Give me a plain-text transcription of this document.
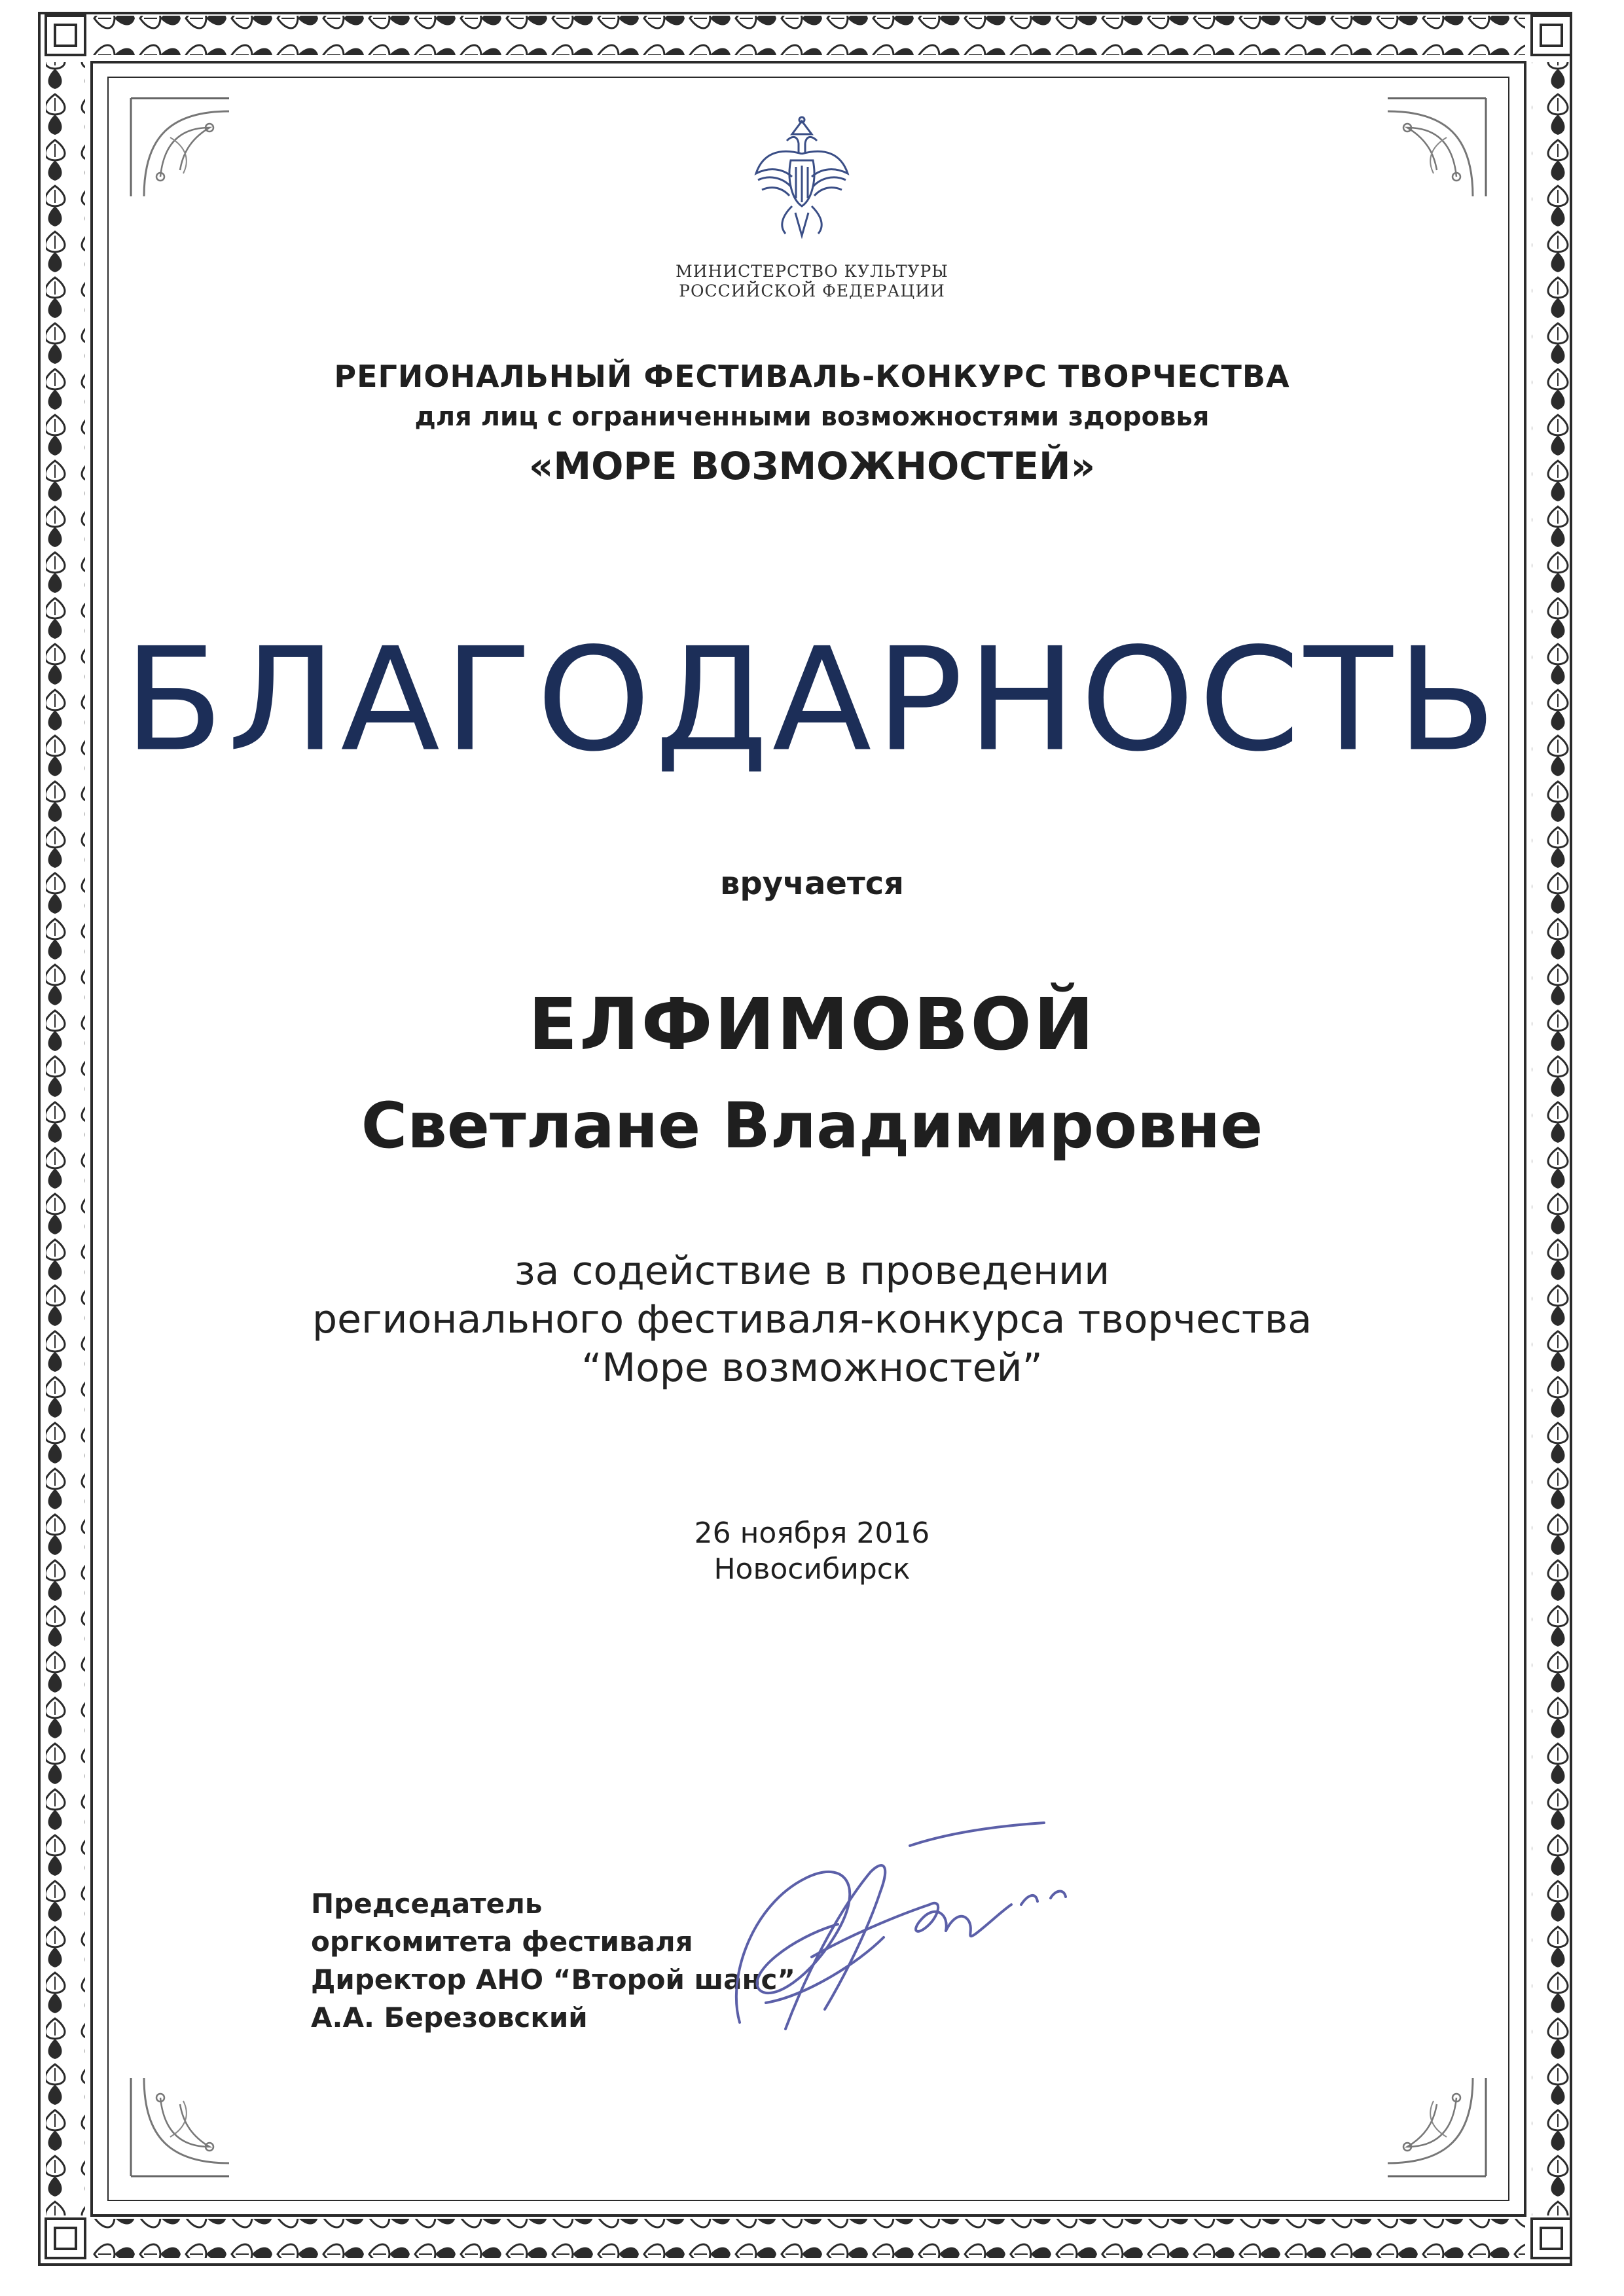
МИНИСТЕРСТВО КУЛЬТУРЫ
РОССИЙСКОЙ ФЕДЕРАЦИИ
РЕГИОНАЛЬНЫЙ ФЕСТИВАЛЬ-КОНКУРС ТВОРЧЕСТВА
для лиц с ограниченными возможностями здоровья
«МОРЕ ВОЗМОЖНОСТЕЙ»
БЛАГОДАРНОСТЬ
вручается
ЕЛФИМОВОЙ
Светлане Владимировне
за содействие в проведении
регионального фестиваля-конкурса творчества
“Море возможностей”
26 ноября 2016
Новосибирск
Председатель
оргкомитета фестиваля
Директор АНО “Второй шанс”
А.А. Березовский
